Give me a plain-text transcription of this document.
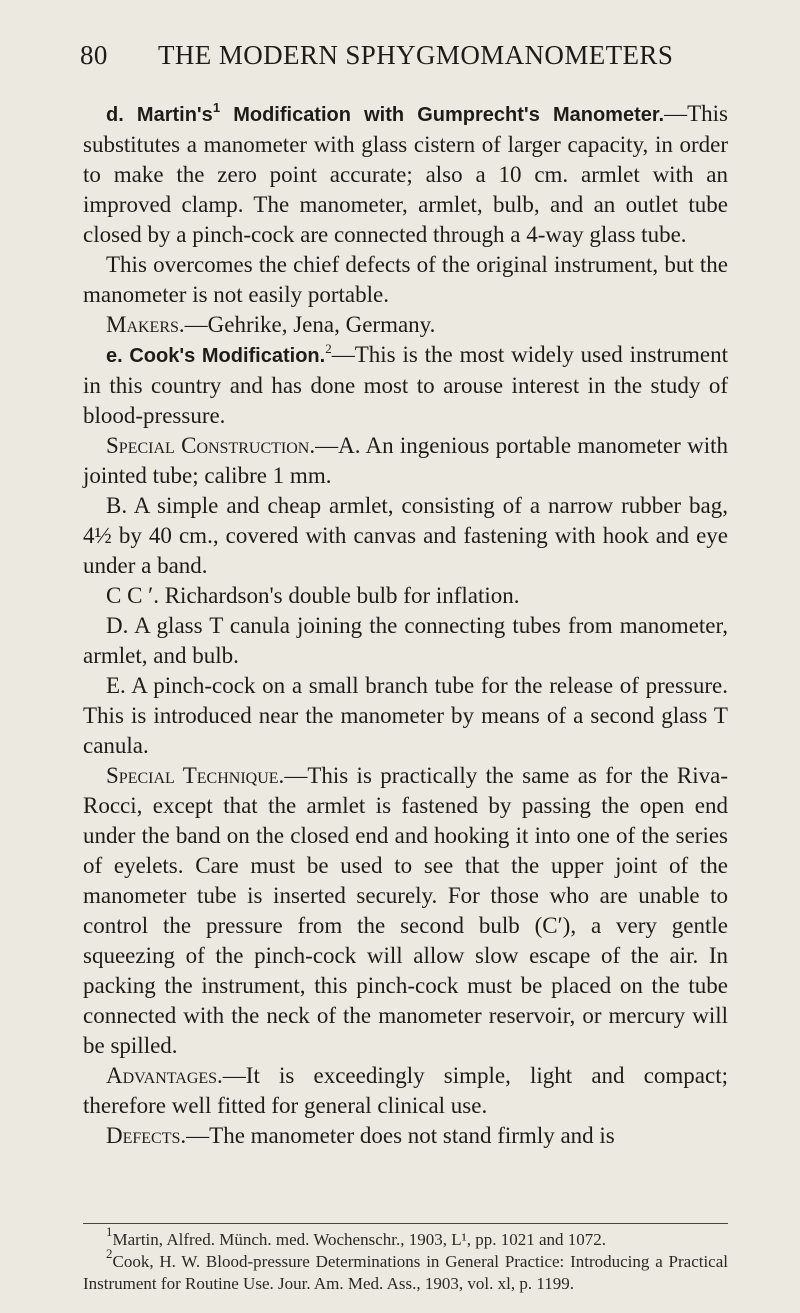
80 THE MODERN SPHYGMOMANOMETERS

d. $Martin's^1$ Modification with Gumprecht's Manometer.—This substitutes a manometer with glass cistern of larger capacity, in order to make the zero point accurate; also a 10 cm. armlet with an improved clamp. The manometer, armlet, bulb, and an outlet tube closed by a pinch-cock are connected through a 4-way glass tube.

This overcomes the chief defects of the original instrument, but the manometer is not easily portable.

Makers.—Gehrike, Jena, Germany.

e. Cook's Modification.$^2$—This is the most widely used instrument in this country and has done most to arouse interest in the study of blood-pressure.

Special Construction.—A. An ingenious portable manometer with jointed tube; calibre 1 mm.

B. A simple and cheap armlet, consisting of a narrow rubber bag, 4½ by 40 cm., covered with canvas and fastening with hook and eye under a band.

C C ′. Richardson's double bulb for inflation.

D. A glass T canula joining the connecting tubes from manometer, armlet, and bulb.

E. A pinch-cock on a small branch tube for the release of pressure. This is introduced near the manometer by means of a second glass T canula.

Special Technique.—This is practically the same as for the Riva-Rocci, except that the armlet is fastened by passing the open end under the band on the closed end and hooking it into one of the series of eyelets. Care must be used to see that the upper joint of the manometer tube is inserted securely. For those who are unable to control the pressure from the second bulb (C′), a very gentle squeezing of the pinch-cock will allow slow escape of the air. In packing the instrument, this pinch-cock must be placed on the tube connected with the neck of the manometer reservoir, or mercury will be spilled.

Advantages.—It is exceedingly simple, light and compact; therefore well fitted for general clinical use.

Defects.—The manometer does not stand firmly and is

$^1$Martin, Alfred. Münch. med. Wochenschr., 1903, L¹, pp. 1021 and 1072.

$^2$Cook, H. W. Blood-pressure Determinations in General Practice: Introducing a Practical Instrument for Routine Use. Jour. Am. Med. Ass., 1903, vol. xl, p. 1199.
